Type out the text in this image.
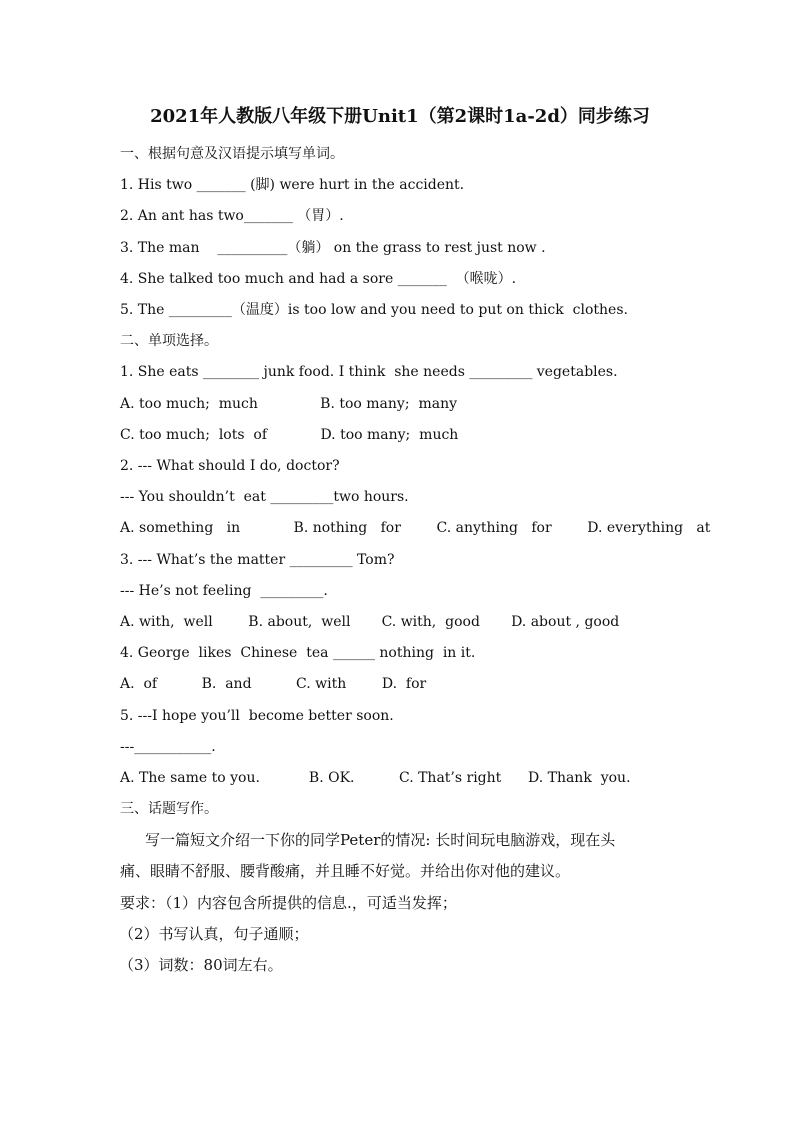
2021年人教版八年级下册Unit1（第2课时1a-2d）同步练习
一、根据句意及汉语提示填写单词。
1. His two _______ (脚) were hurt in the accident.
2. An ant has two_______ （胃）.
3. The man    __________（躺） on the grass to rest just now .
4. She talked too much and had a sore _______  （喉咙）.
5. The _________（温度）is too low and you need to put on thick  clothes.
二、单项选择。
1. She eats ________ junk food. I think  she needs _________ vegetables.
A. too much;  much              B. too many;  many
C. too much;  lots  of            D. too many;  much
2. --- What should I do, doctor?
--- You shouldn’t  eat _________two hours.
A. something   in            B. nothing   for        C. anything   for        D. everything   at
3. --- What’s the matter _________ Tom?
--- He’s not feeling  _________.
A. with,  well        B. about,  well       C. with,  good       D. about , good
4. George  likes  Chinese  tea ______ nothing  in it.
A.  of          B.  and          C. with        D.  for
5. ---I hope you’ll  become better soon.
---___________.
A. The same to you.           B. OK.          C. That’s right      D. Thank  you.
三、话题写作。
写一篇短文介绍一下你的同学Peter的情况: 长时间玩电脑游戏，现在头
痛、眼睛不舒服、腰背酸痛，并且睡不好觉。并给出你对他的建议。
要求：（1）内容包含所提供的信息.，可适当发挥；
（2）书写认真，句子通顺；
（3）词数：80词左右。
